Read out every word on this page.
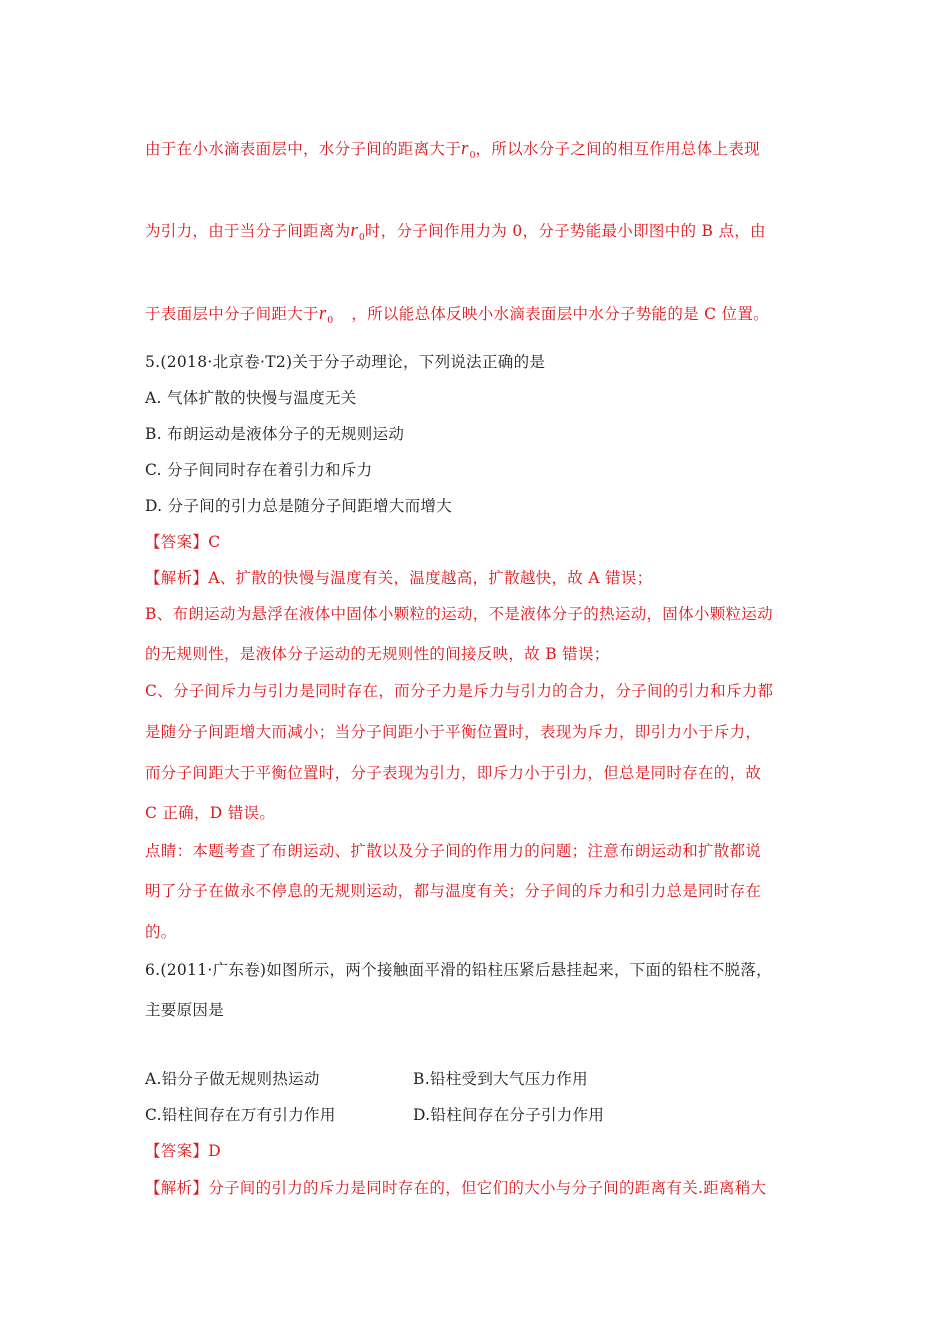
由于在小水滴表面层中，水分子间的距离大于$r_0$，所以水分子之间的相互作用总体上表现
为引力，由于当分子间距离为$r_0$时，分子间作用力为 0，分子势能最小即图中的 B 点，由
于表面层中分子间距大于$r_0$ ，所以能总体反映小水滴表面层中水分子势能的是 C 位置。
5.(2018·北京卷·T2)关于分子动理论，下列说法正确的是
A. 气体扩散的快慢与温度无关
B. 布朗运动是液体分子的无规则运动
C. 分子间同时存在着引力和斥力
D. 分子间的引力总是随分子间距增大而增大
【答案】C
【解析】A、扩散的快慢与温度有关，温度越高，扩散越快，故 A 错误；
B、布朗运动为悬浮在液体中固体小颗粒的运动，不是液体分子的热运动，固体小颗粒运动
的无规则性，是液体分子运动的无规则性的间接反映，故 B 错误；
C、分子间斥力与引力是同时存在，而分子力是斥力与引力的合力，分子间的引力和斥力都
是随分子间距增大而减小；当分子间距小于平衡位置时，表现为斥力，即引力小于斥力，
而分子间距大于平衡位置时，分子表现为引力，即斥力小于引力，但总是同时存在的，故
C 正确，D 错误。
点睛：本题考查了布朗运动、扩散以及分子间的作用力的问题；注意布朗运动和扩散都说
明了分子在做永不停息的无规则运动，都与温度有关；分子间的斥力和引力总是同时存在
的。
6.(2011·广东卷)如图所示，两个接触面平滑的铅柱压紧后悬挂起来，下面的铅柱不脱落，
主要原因是
A.铅分子做无规则热运动	B.铅柱受到大气压力作用
C.铅柱间存在万有引力作用	D.铅柱间存在分子引力作用
【答案】D
【解析】分子间的引力的斥力是同时存在的，但它们的大小与分子间的距离有关.距离稍大
